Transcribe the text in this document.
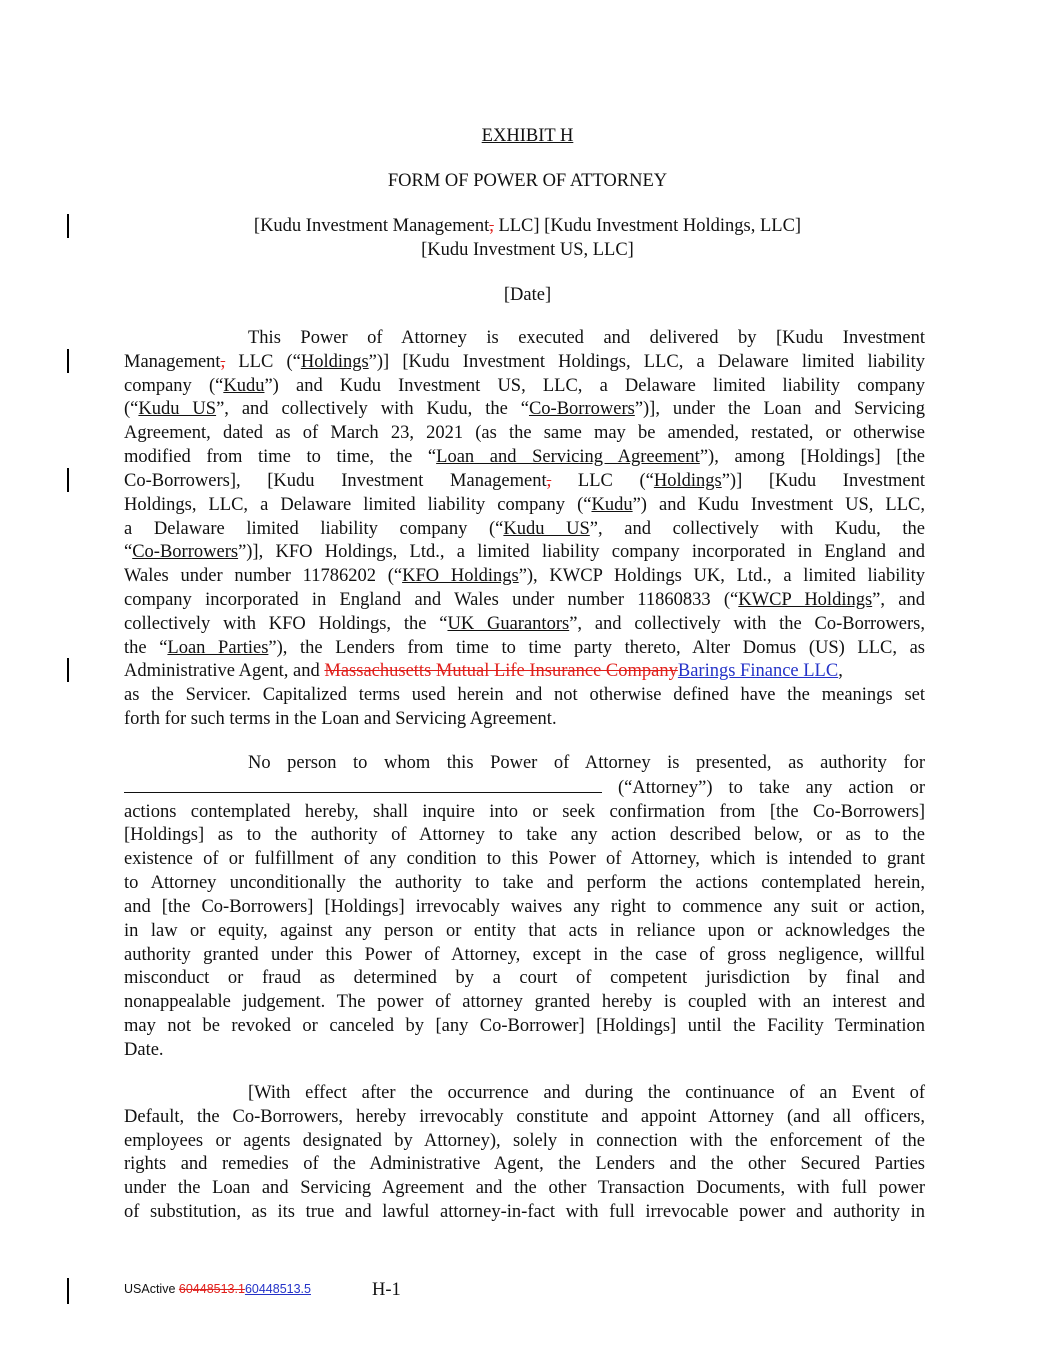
EXHIBIT H
FORM OF POWER OF ATTORNEY
[Kudu Investment Management, LLC] [Kudu Investment Holdings, LLC]
[Kudu Investment US, LLC]
[Date]
This Power of Attorney is executed and delivered by [Kudu Investment
Management, LLC (“Holdings”)] [Kudu Investment Holdings, LLC, a Delaware limited liability
company (“Kudu”) and Kudu Investment US, LLC, a Delaware limited liability company
(“Kudu US”, and collectively with Kudu, the “Co-Borrowers”)], under the Loan and Servicing
Agreement, dated as of March 23, 2021 (as the same may be amended, restated, or otherwise
modified from time to time, the “Loan and Servicing Agreement”), among [Holdings] [the
Co-Borrowers], [Kudu Investment Management, LLC (“Holdings”)] [Kudu Investment
Holdings, LLC, a Delaware limited liability company (“Kudu”) and Kudu Investment US, LLC,
a Delaware limited liability company (“Kudu US”, and collectively with Kudu, the
“Co-Borrowers”)], KFO Holdings, Ltd., a limited liability company incorporated in England and
Wales under number 11786202 (“KFO Holdings”), KWCP Holdings UK, Ltd., a limited liability
company incorporated in England and Wales under number 11860833 (“KWCP Holdings”, and
collectively with KFO Holdings, the “UK Guarantors”, and collectively with the Co-Borrowers,
the “Loan Parties”), the Lenders from time to time party thereto, Alter Domus (US) LLC, as
Administrative Agent, and Massachusetts Mutual Life Insurance CompanyBarings Finance LLC,
as the Servicer. Capitalized terms used herein and not otherwise defined have the meanings set
forth for such terms in the Loan and Servicing Agreement.
No person to whom this Power of Attorney is presented, as authority for
(“Attorney”) to take any action or
actions contemplated hereby, shall inquire into or seek confirmation from [the Co-Borrowers]
[Holdings] as to the authority of Attorney to take any action described below, or as to the
existence of or fulfillment of any condition to this Power of Attorney, which is intended to grant
to Attorney unconditionally the authority to take and perform the actions contemplated herein,
and [the Co-Borrowers] [Holdings] irrevocably waives any right to commence any suit or action,
in law or equity, against any person or entity that acts in reliance upon or acknowledges the
authority granted under this Power of Attorney, except in the case of gross negligence, willful
misconduct or fraud as determined by a court of competent jurisdiction by final and
nonappealable judgement. The power of attorney granted hereby is coupled with an interest and
may not be revoked or canceled by [any Co-Borrower] [Holdings] until the Facility Termination
Date.
[With effect after the occurrence and during the continuance of an Event of
Default, the Co-Borrowers, hereby irrevocably constitute and appoint Attorney (and all officers,
employees or agents designated by Attorney), solely in connection with the enforcement of the
rights and remedies of the Administrative Agent, the Lenders and the other Secured Parties
under the Loan and Servicing Agreement and the other Transaction Documents, with full power
of substitution, as its true and lawful attorney-in-fact with full irrevocable power and authority in
USActive 60448513.160448513.5	H-1
